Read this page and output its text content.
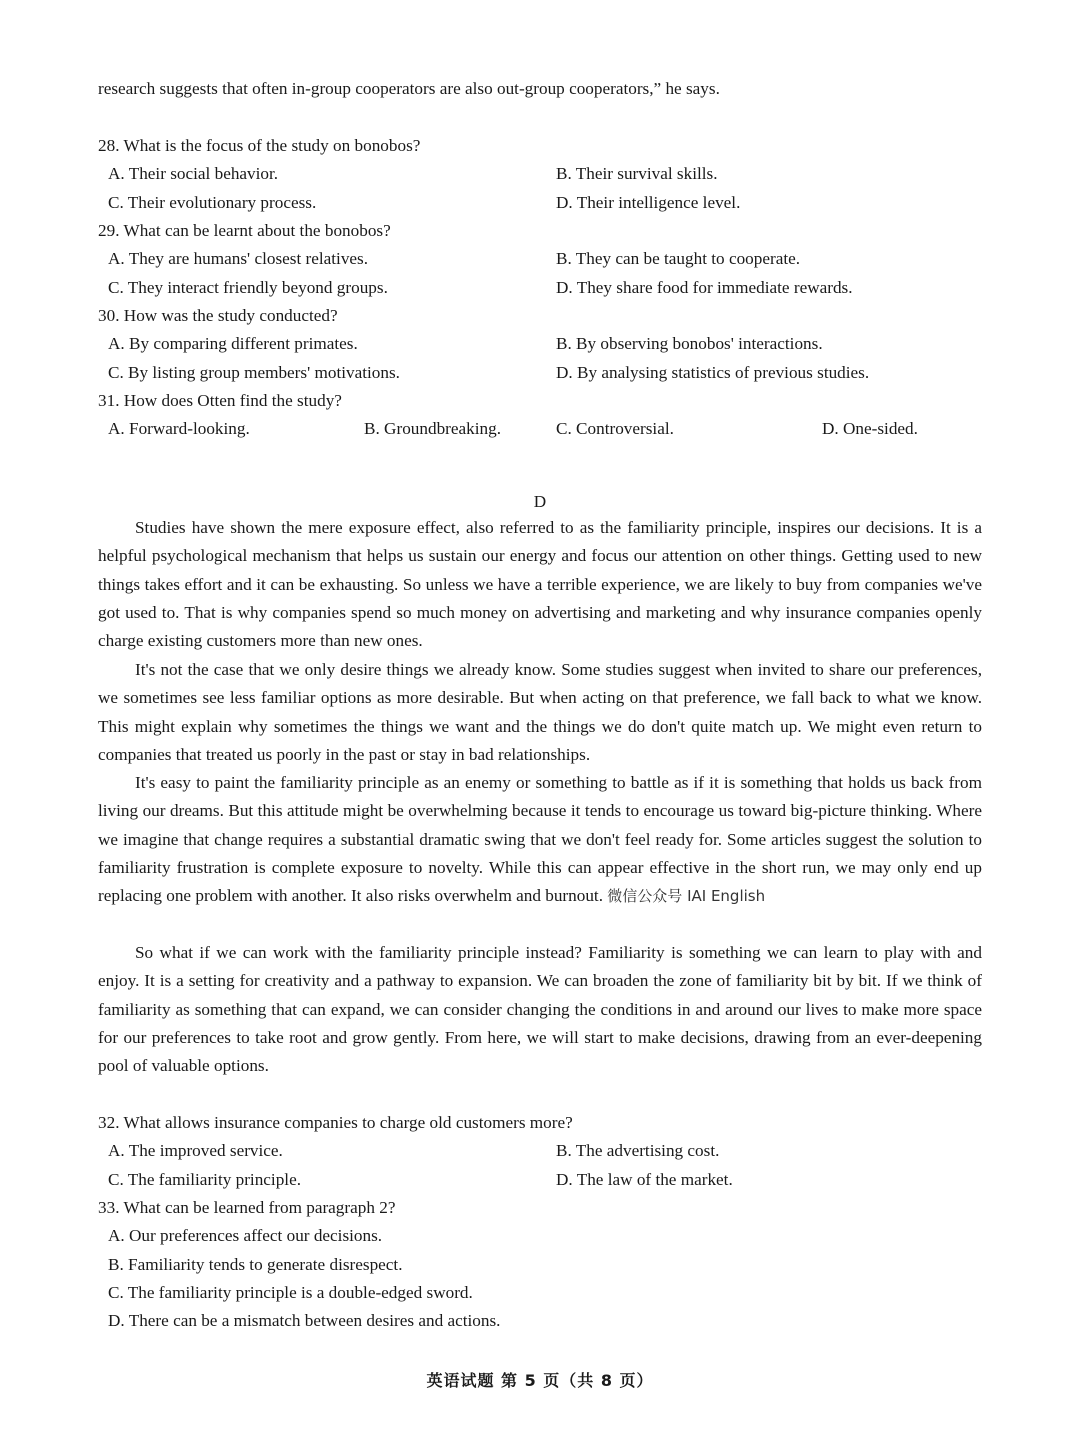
research suggests that often in-group cooperators are also out-group cooperators,” he says.
28. What is the focus of the study on bonobos?
A. Their social behavior.	B. Their survival skills.
C. Their evolutionary process.	D. Their intelligence level.
29. What can be learnt about the bonobos?
A. They are humans' closest relatives.	B. They can be taught to cooperate.
C. They interact friendly beyond groups.	D. They share food for immediate rewards.
30. How was the study conducted?
A. By comparing different primates.	B. By observing bonobos' interactions.
C. By listing group members' motivations.	D. By analysing statistics of previous studies.
31. How does Otten find the study?
A. Forward-looking.	B. Groundbreaking.	C. Controversial.	D. One-sided.
D
Studies have shown the mere exposure effect, also referred to as the familiarity principle, inspires our decisions. It is a helpful psychological mechanism that helps us sustain our energy and focus our attention on other things. Getting used to new things takes effort and it can be exhausting. So unless we have a terrible experience, we are likely to buy from companies we've got used to. That is why companies spend so much money on advertising and marketing and why insurance companies openly charge existing customers more than new ones.
It's not the case that we only desire things we already know. Some studies suggest when invited to share our preferences, we sometimes see less familiar options as more desirable. But when acting on that preference, we fall back to what we know. This might explain why sometimes the things we want and the things we do don't quite match up. We might even return to companies that treated us poorly in the past or stay in bad relationships.
It's easy to paint the familiarity principle as an enemy or something to battle as if it is something that holds us back from living our dreams. But this attitude might be overwhelming because it tends to encourage us toward big-picture thinking. Where we imagine that change requires a substantial dramatic swing that we don't feel ready for. Some articles suggest the solution to familiarity frustration is complete exposure to novelty. While this can appear effective in the short run, we may only end up replacing one problem with another. It also risks overwhelm and burnout. 微信公众号 IAI English
So what if we can work with the familiarity principle instead? Familiarity is something we can learn to play with and enjoy. It is a setting for creativity and a pathway to expansion. We can broaden the zone of familiarity bit by bit. If we think of familiarity as something that can expand, we can consider changing the conditions in and around our lives to make more space for our preferences to take root and grow gently. From here, we will start to make decisions, drawing from an ever-deepening pool of valuable options.
32. What allows insurance companies to charge old customers more?
A. The improved service.	B. The advertising cost.
C. The familiarity principle.	D. The law of the market.
33. What can be learned from paragraph 2?
A. Our preferences affect our decisions.
B. Familiarity tends to generate disrespect.
C. The familiarity principle is a double-edged sword.
D. There can be a mismatch between desires and actions.
英语试题 第 5 页（共 8 页）
